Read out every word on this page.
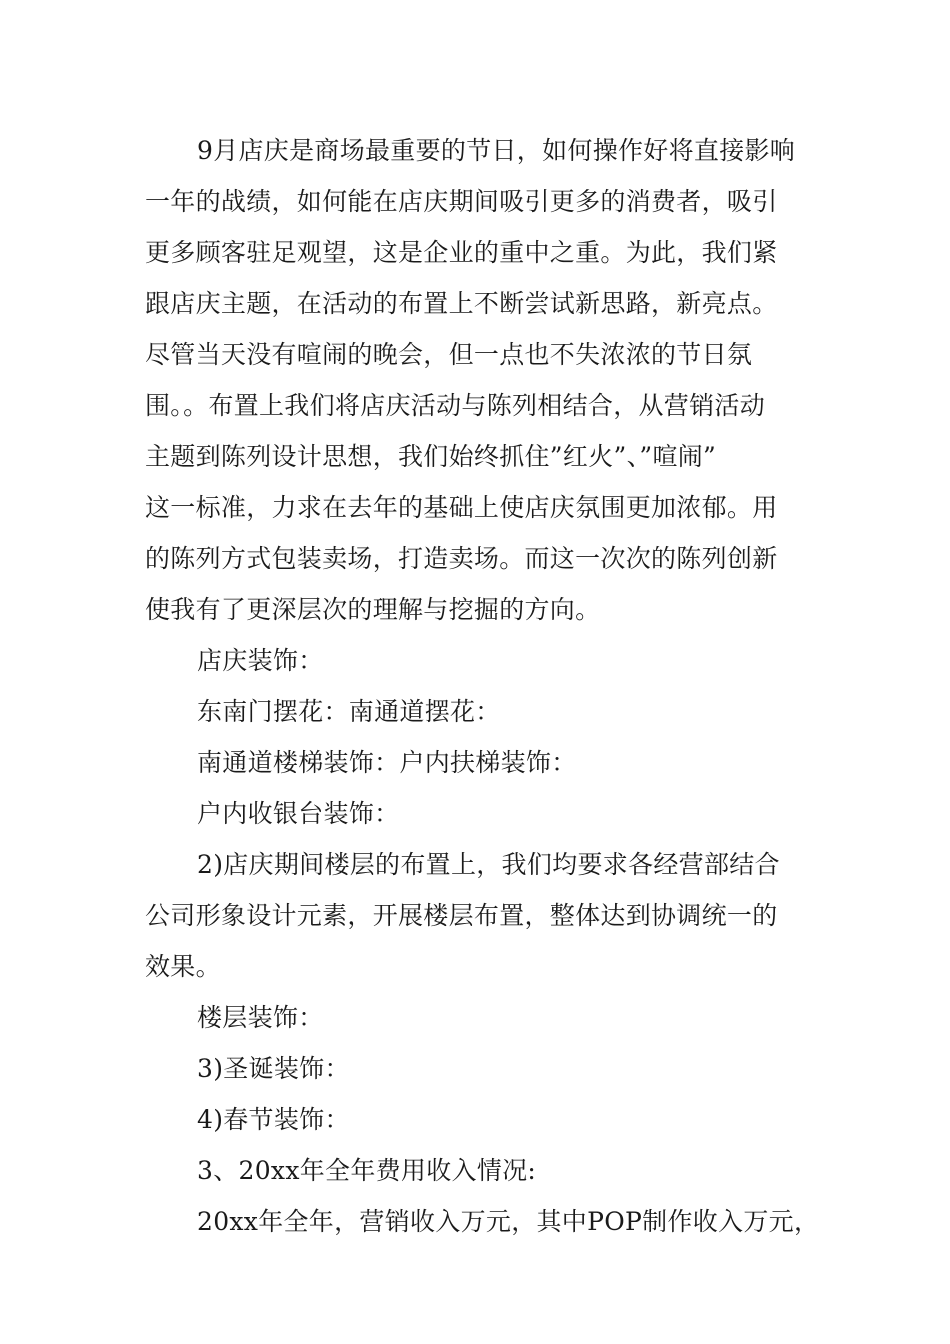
9月店庆是商场最重要的节日，如何操作好将直接影响
一年的战绩，如何能在店庆期间吸引更多的消费者，吸引
更多顾客驻足观望，这是企业的重中之重。为此，我们紧
跟店庆主题，在活动的布置上不断尝试新思路，新亮点。
尽管当天没有喧闹的晚会，但一点也不失浓浓的节日氛
围。。布置上我们将店庆活动与陈列相结合，从营销活动
主题到陈列设计思想，我们始终抓住”红火”、”喧闹”
这一标准，力求在去年的基础上使店庆氛围更加浓郁。用
的陈列方式包装卖场，打造卖场。而这一次次的陈列创新
使我有了更深层次的理解与挖掘的方向。
店庆装饰：
东南门摆花：南通道摆花：
南通道楼梯装饰：户内扶梯装饰：
户内收银台装饰：
2)店庆期间楼层的布置上，我们均要求各经营部结合
公司形象设计元素，开展楼层布置，整体达到协调统一的
效果。
楼层装饰：
3)圣诞装饰：
4)春节装饰：
3、20xx年全年费用收入情况:
20xx年全年，营销收入万元，其中POP制作收入万元，
